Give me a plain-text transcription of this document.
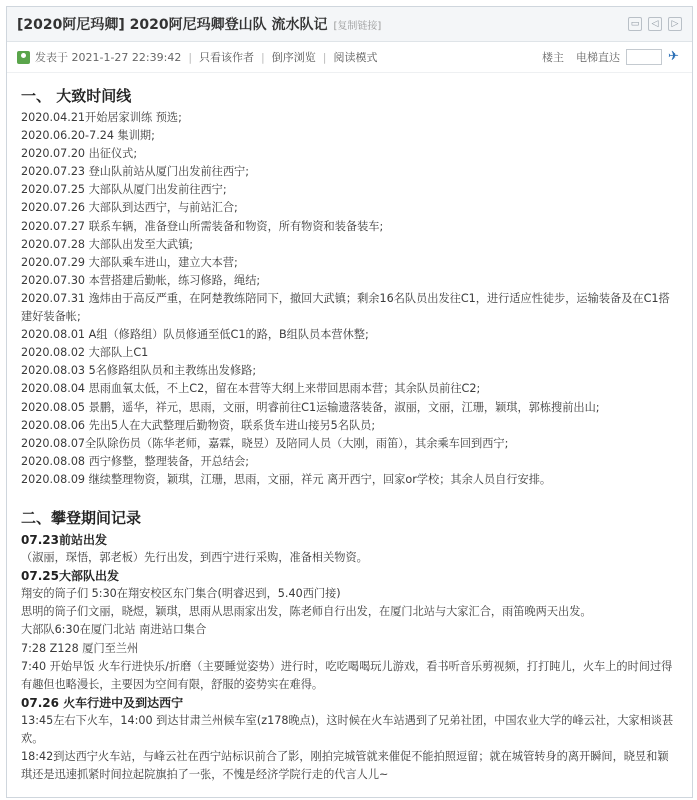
[2020阿尼玛卿] 2020阿尼玛卿登山队 流水队记 [复制链接]	▭	◁	▷
发表于 2021-1-27 22:39:42 | 只看该作者 | 倒序浏览 | 阅读模式	楼主 电梯直达	✈
一、 大致时间线
2020.04.21开始居家训练 预选;
2020.06.20-7.24 集训期;
2020.07.20 出征仪式;
2020.07.23 登山队前站从厦门出发前往西宁;
2020.07.25 大部队从厦门出发前往西宁;
2020.07.26 大部队到达西宁，与前站汇合;
2020.07.27 联系车辆，准备登山所需装备和物资，所有物资和装备装车;
2020.07.28 大部队出发至大武镇;
2020.07.29 大部队乘车进山，建立大本营;
2020.07.30 本营搭建后勤帐，练习修路，绳结;
2020.07.31 逸炜由于高反严重，在阿楚教练陪同下，撤回大武镇；剩余16名队员出发往C1，进行适应性徒步，运输装备及在C1搭建好装备帐;
2020.08.01 A组（修路组）队员修通至低C1的路，B组队员本营休整;
2020.08.02 大部队上C1
2020.08.03 5名修路组队员和主教练出发修路;
2020.08.04 思雨血氧太低，不上C2，留在本营等大纲上来带回思雨本营；其余队员前往C2;
2020.08.05 景鹏，遥华，祥元，思雨，文丽，明睿前往C1运输遗落装备，淑丽，文丽，江珊，颖琪，郭栋搜前出山;
2020.08.06 先出5人在大武整理后勤物资，联系货车进山接另5名队员;
2020.08.07全队除伤员（陈华老师，嘉霖，晓昱）及陪同人员（大刚，雨笛），其余乘车回到西宁;
2020.08.08 西宁修整，整理装备，开总结会;
2020.08.09 继续整理物资，颖琪，江珊，思雨，文丽，祥元 离开西宁，回家or学校；其余人员自行安排。
二、攀登期间记录
07.23前站出发
（淑丽，琛悟，郭老板）先行出发，到西宁进行采购，准备相关物资。
07.25大部队出发
翔安的筒子们 5:30在翔安校区东门集合(明睿迟到，5.40西门接)
思明的筒子们文丽，晓煜，颖琪，思雨从思雨家出发，陈老师自行出发，在厦门北站与大家汇合，雨笛晚两天出发。
大部队6:30在厦门北站 南进站口集合
7:28 Z128 厦门至兰州
7:40 开始早饭 火车行进快乐/折磨（主要睡觉姿势）进行时，吃吃喝喝玩儿游戏，看书听音乐剪视频，打打盹儿，火车上的时间过得有趣但也略漫长，主要因为空间有限，舒服的姿势实在难得。
07.26 火车行进中及到达西宁
13:45左右下火车，14:00 到达甘肃兰州候车室(z178晚点)，这时候在火车站遇到了兄弟社团，中国农业大学的峰云社，大家相谈甚欢。
18:42到达西宁火车站，与峰云社在西宁站标识前合了影，刚拍完城管就来催促不能拍照逗留；就在城管转身的离开瞬间，晓昱和颖琪还是迅速抓紧时间拉起院旗拍了一张，不愧是经济学院行走的代言人儿~
